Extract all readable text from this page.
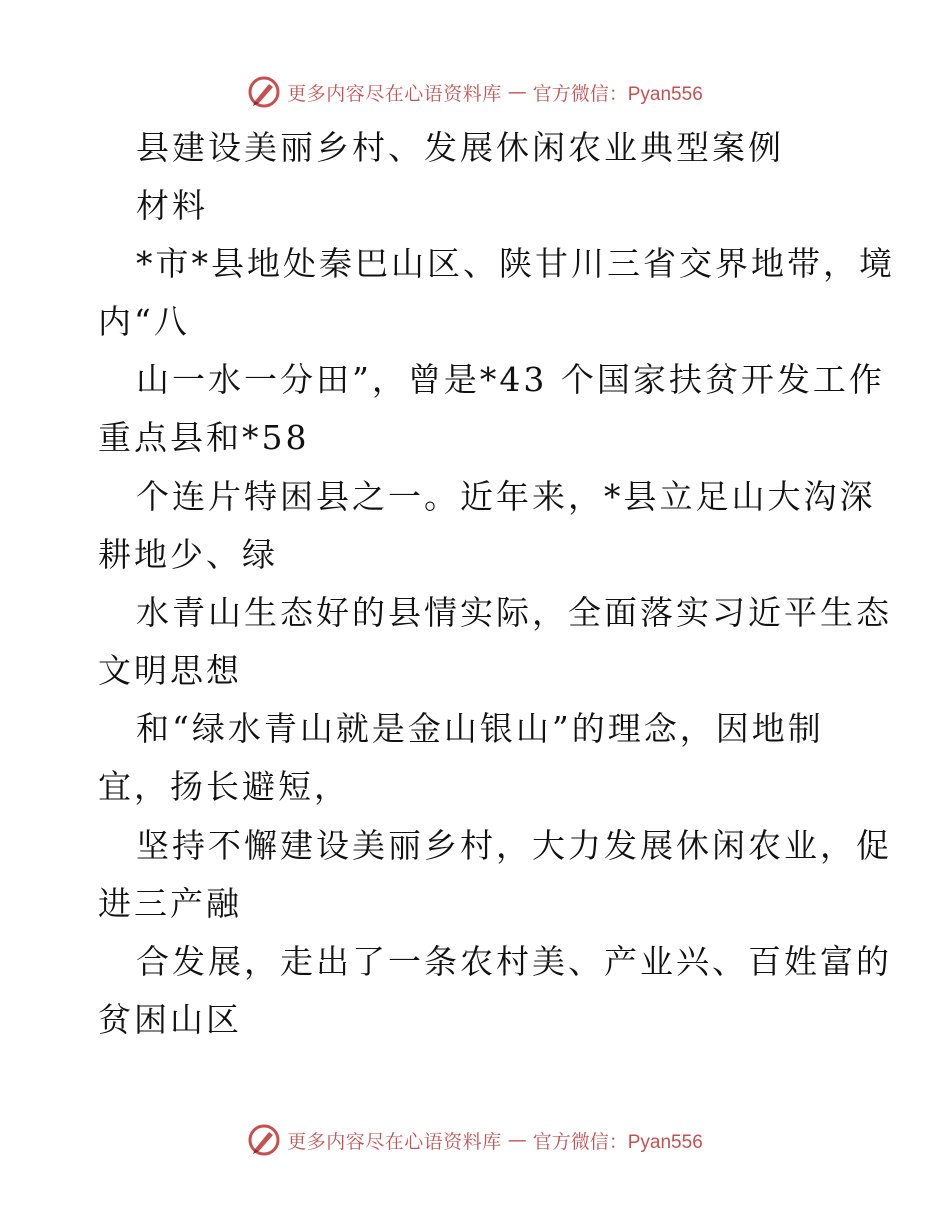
更多内容尽在心语资料库 — 官方微信：Pyan556
县建设美丽乡村、发展休闲农业典型案例
材料
*市*县地处秦巴山区、陕甘川三省交界地带，境
内“八
山一水一分田”，曾是*43 个国家扶贫开发工作
重点县和*58
个连片特困县之一。近年来，*县立足山大沟深
耕地少、绿
水青山生态好的县情实际，全面落实习近平生态
文明思想
和“绿水青山就是金山银山”的理念，因地制
宜，扬长避短，
坚持不懈建设美丽乡村，大力发展休闲农业，促
进三产融
合发展，走出了一条农村美、产业兴、百姓富的
贫困山区
更多内容尽在心语资料库 — 官方微信：Pyan556
